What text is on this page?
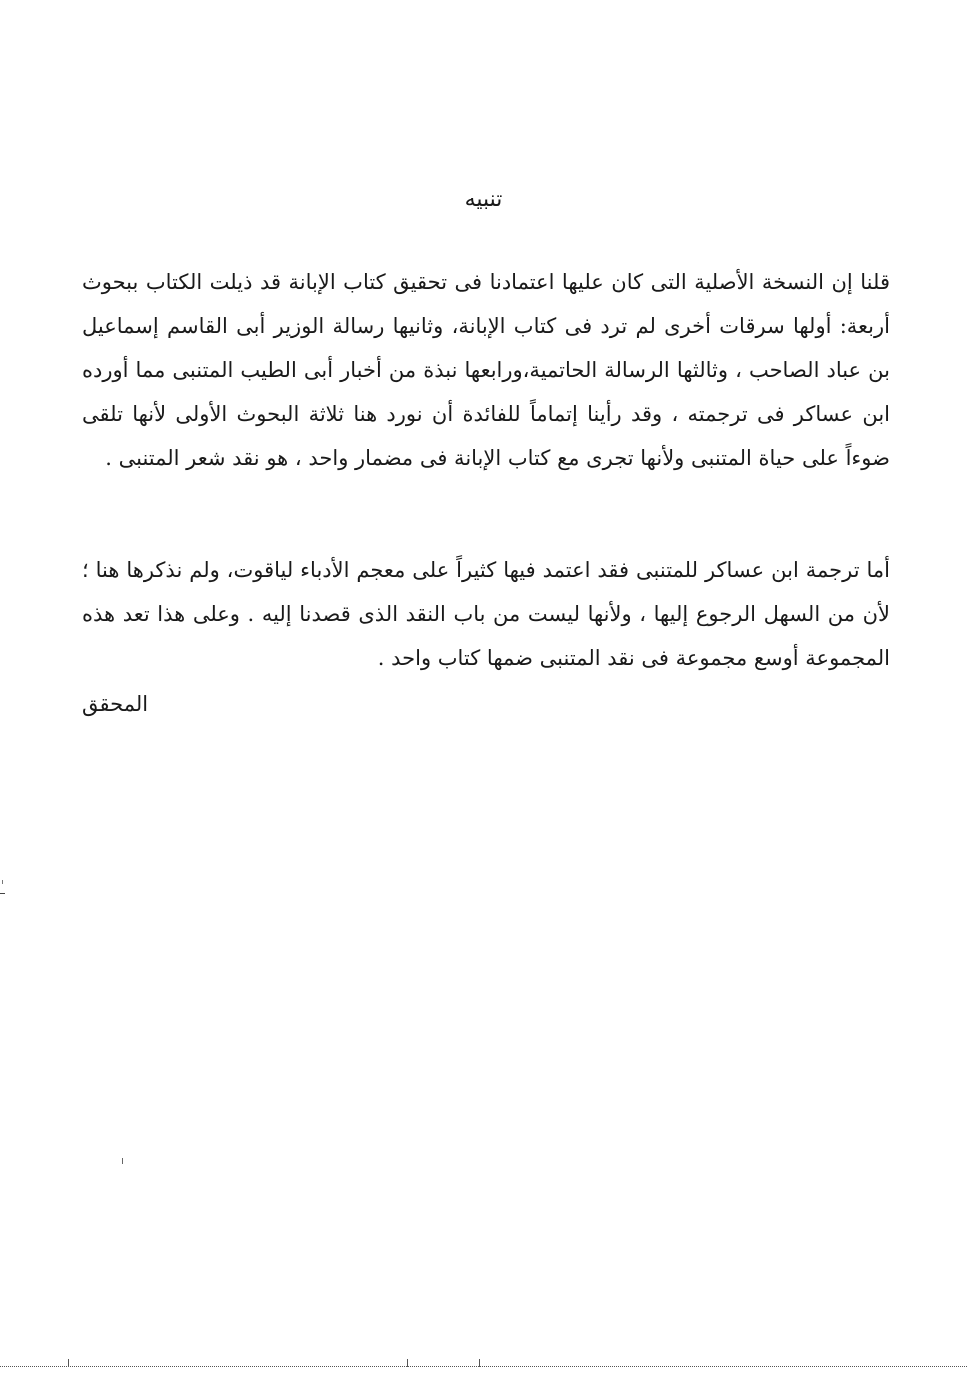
تنبيه

قلنا إن النسخة الأصلية التى كان عليها اعتمادنا فى تحقيق كتاب الإبانة قد ذيلت الكتاب ببحوث أربعة: أولها سرقات أخرى لم ترد فى كتاب الإبانة، وثانيها رسالة الوزير أبى القاسم إسماعيل بن عباد الصاحب ، وثالثها الرسالة الحاتمية،ورابعها نبذة من أخبار أبى الطيب المتنبى مما أورده ابن عساكر فى ترجمته ، وقد رأينا إتماماً للفائدة أن نورد هنا ثلاثة البحوث الأولى لأنها تلقى ضوءاً على حياة المتنبى ولأنها تجرى مع كتاب الإبانة فى مضمار واحد ، هو نقد شعر المتنبى .

أما ترجمة ابن عساكر للمتنبى فقد اعتمد فيها كثيراً على معجم الأدباء لياقوت، ولم نذكرها هنا ؛ لأن من السهل الرجوع إليها ، ولأنها ليست من باب النقد الذى قصدنا إليه . وعلى هذا تعد هذه المجموعة أوسع مجموعة فى نقد المتنبى ضمها كتاب واحد .

المحقق
